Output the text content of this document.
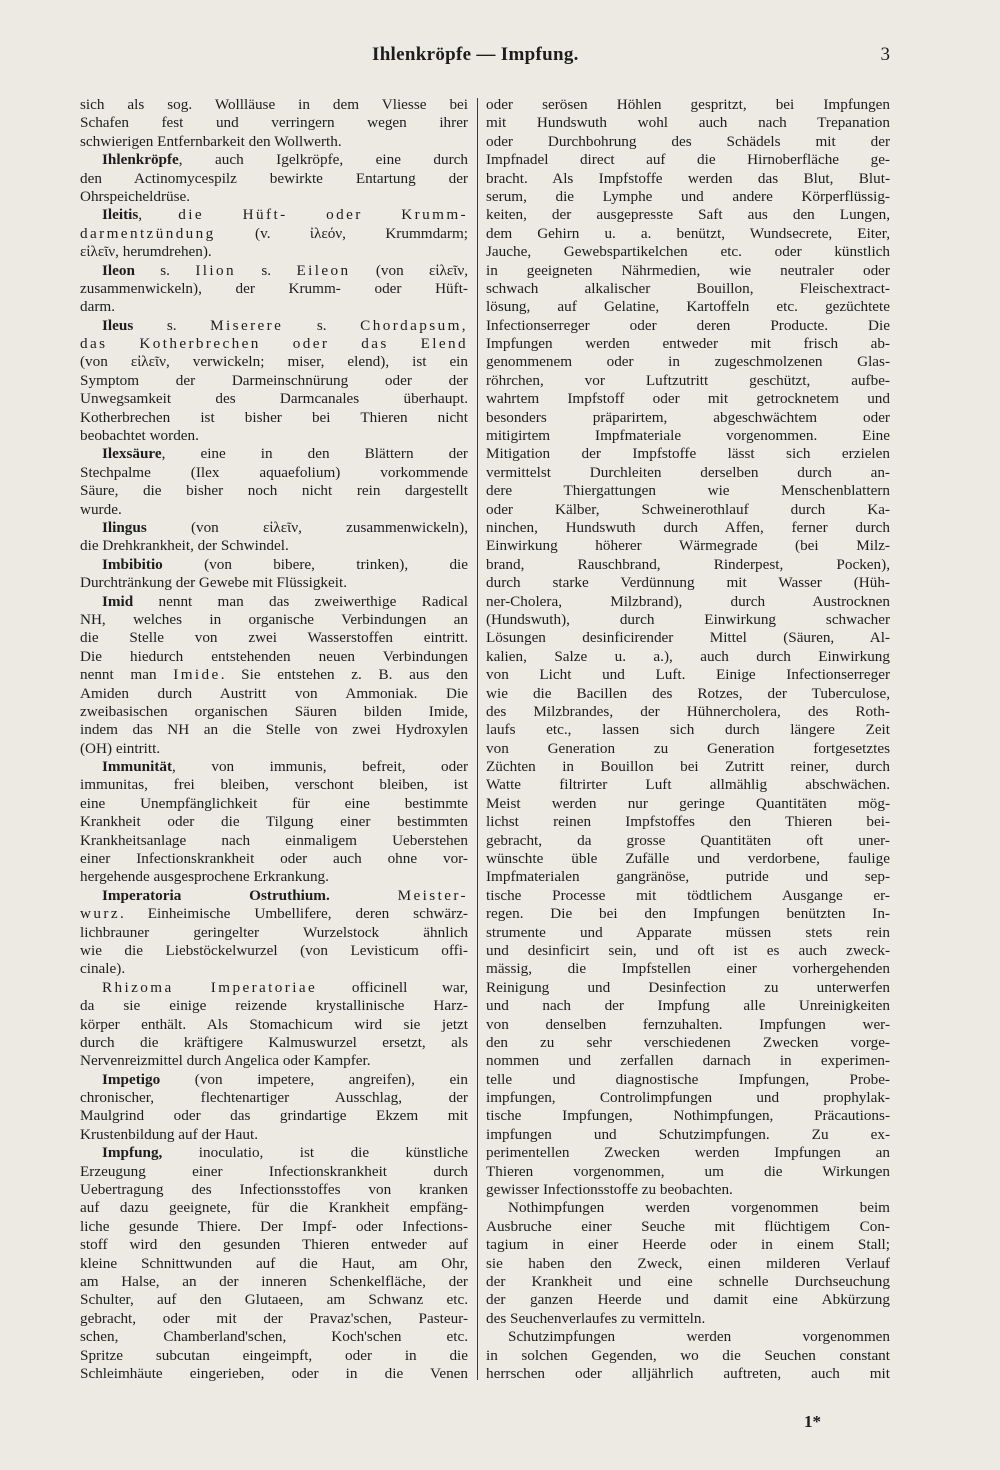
Ihlenkröpfe — Impfung.	3
sich als sog. Wollläuse in dem Vliesse bei
Schafen fest und verringern wegen ihrer
schwierigen Entfernbarkeit den Wollwerth.
Ihlenkröpfe, auch Igelkröpfe, eine durch
den Actinomycespilz bewirkte Entartung der
Ohrspeicheldrüse.
Ileitis, die Hüft- oder Krumm-
darmentzündung (v. ἰλεόν, Krummdarm;
εἰλεῖν, herumdrehen).
Ileon s. Ilion s. Eileon (von εἰλεῖν,
zusammenwickeln), der Krumm- oder Hüft-
darm.
Ileus s. Miserere s. Chordapsum,
das Kotherbrechen oder das Elend
(von εἰλεῖν, verwickeln; miser, elend), ist ein
Symptom der Darmeinschnürung oder der
Unwegsamkeit des Darmcanales überhaupt.
Kotherbrechen ist bisher bei Thieren nicht
beobachtet worden.
Ilexsäure, eine in den Blättern der
Stechpalme (Ilex aquaefolium) vorkommende
Säure, die bisher noch nicht rein dargestellt
wurde.
Ilingus (von εἰλεῖν, zusammenwickeln),
die Drehkrankheit, der Schwindel.
Imbibitio (von bibere, trinken), die
Durchtränkung der Gewebe mit Flüssigkeit.
Imid nennt man das zweiwerthige Radical
NH, welches in organische Verbindungen an
die Stelle von zwei Wasserstoffen eintritt.
Die hiedurch entstehenden neuen Verbindungen
nennt man Imide. Sie entstehen z. B. aus den
Amiden durch Austritt von Ammoniak. Die
zweibasischen organischen Säuren bilden Imide,
indem das NH an die Stelle von zwei Hydroxylen
(OH) eintritt.
Immunität, von immunis, befreit, oder
immunitas, frei bleiben, verschont bleiben, ist
eine Unempfänglichkeit für eine bestimmte
Krankheit oder die Tilgung einer bestimmten
Krankheitsanlage nach einmaligem Ueberstehen
einer Infectionskrankheit oder auch ohne vor-
hergehende ausgesprochene Erkrankung.
Imperatoria Ostruthium.	Meister-
wurz. Einheimische Umbellifere, deren schwärz-
lichbrauner geringelter Wurzelstock ähnlich
wie die Liebstöckelwurzel (von Levisticum offi-
cinale).
Rhizoma Imperatoriae officinell war,
da sie einige reizende krystallinische Harz-
körper enthält. Als Stomachicum wird sie jetzt
durch die kräftigere Kalmuswurzel ersetzt, als
Nervenreizmittel durch Angelica oder Kampfer.
Impetigo (von impetere, angreifen), ein
chronischer, flechtenartiger Ausschlag, der
Maulgrind oder das grindartige Ekzem mit
Krustenbildung auf der Haut.
Impfung, inoculatio, ist die künstliche
Erzeugung einer Infectionskrankheit durch
Uebertragung des Infectionsstoffes von kranken
auf dazu geeignete, für die Krankheit empfäng-
liche gesunde Thiere. Der Impf- oder Infections-
stoff wird den gesunden Thieren entweder auf
kleine Schnittwunden auf die Haut, am Ohr,
am Halse, an der inneren Schenkelfläche, der
Schulter, auf den Glutaeen, am Schwanz etc.
gebracht, oder mit der Pravaz'schen, Pasteur-
schen, Chamberland'schen, Koch'schen etc.
Spritze subcutan eingeimpft, oder in die
Schleimhäute eingerieben, oder in die Venen
oder serösen Höhlen gespritzt, bei Impfungen
mit Hundswuth wohl auch nach Trepanation
oder Durchbohrung des Schädels mit der
Impfnadel direct auf die Hirnoberfläche ge-
bracht. Als Impfstoffe werden das Blut, Blut-
serum, die Lymphe und andere Körperflüssig-
keiten, der ausgepresste Saft aus den Lungen,
dem Gehirn u. a. benützt, Wundsecrete, Eiter,
Jauche, Gewebspartikelchen etc. oder künstlich
in geeigneten Nährmedien, wie neutraler oder
schwach alkalischer Bouillon, Fleischextract-
lösung, auf Gelatine, Kartoffeln etc. gezüchtete
Infectionserreger oder deren Producte. Die
Impfungen werden entweder mit frisch ab-
genommenem oder in zugeschmolzenen Glas-
röhrchen, vor Luftzutritt geschützt, aufbe-
wahrtem Impfstoff oder mit getrocknetem und
besonders präparirtem, abgeschwächtem oder
mitigirtem Impfmateriale vorgenommen. Eine
Mitigation der Impfstoffe lässt sich erzielen
vermittelst Durchleiten derselben durch an-
dere Thiergattungen wie Menschenblattern
oder Kälber, Schweinerothlauf durch Ka-
ninchen, Hundswuth durch Affen, ferner durch
Einwirkung höherer Wärmegrade (bei Milz-
brand, Rauschbrand, Rinderpest, Pocken),
durch starke Verdünnung mit Wasser (Hüh-
ner-Cholera, Milzbrand), durch Austrocknen
(Hundswuth), durch Einwirkung schwacher
Lösungen desinficirender Mittel (Säuren, Al-
kalien, Salze u. a.), auch durch Einwirkung
von Licht und Luft. Einige Infectionserreger
wie die Bacillen des Rotzes, der Tuberculose,
des Milzbrandes, der Hühnercholera, des Roth-
laufs etc., lassen sich durch längere Zeit
von Generation zu Generation fortgesetztes
Züchten in Bouillon bei Zutritt reiner, durch
Watte filtrirter Luft allmählig abschwächen.
Meist werden nur geringe Quantitäten mög-
lichst reinen Impfstoffes den Thieren bei-
gebracht, da grosse Quantitäten oft uner-
wünschte üble Zufälle und verdorbene, faulige
Impfmaterialen gangränöse, putride und sep-
tische Processe mit tödtlichem Ausgange er-
regen. Die bei den Impfungen benützten In-
strumente und Apparate müssen stets rein
und desinficirt sein, und oft ist es auch zweck-
mässig, die Impfstellen einer vorhergehenden
Reinigung und Desinfection zu unterwerfen
und nach der Impfung alle Unreinigkeiten
von denselben fernzuhalten. Impfungen wer-
den zu sehr verschiedenen Zwecken vorge-
nommen und zerfallen darnach in experimen-
telle und diagnostische Impfungen, Probe-
impfungen, Controlimpfungen und prophylak-
tische Impfungen, Nothimpfungen, Präcautions-
impfungen und Schutzimpfungen. Zu ex-
perimentellen Zwecken werden Impfungen an
Thieren vorgenommen, um die Wirkungen
gewisser Infectionsstoffe zu beobachten.
Nothimpfungen werden vorgenommen beim
Ausbruche einer Seuche mit flüchtigem Con-
tagium in einer Heerde oder in einem Stall;
sie haben den Zweck, einen milderen Verlauf
der Krankheit und eine schnelle Durchseuchung
der ganzen Heerde und damit eine Abkürzung
des Seuchenverlaufes zu vermitteln.
Schutzimpfungen werden vorgenommen
in solchen Gegenden, wo die Seuchen constant
herrschen oder alljährlich auftreten, auch mit
1*
